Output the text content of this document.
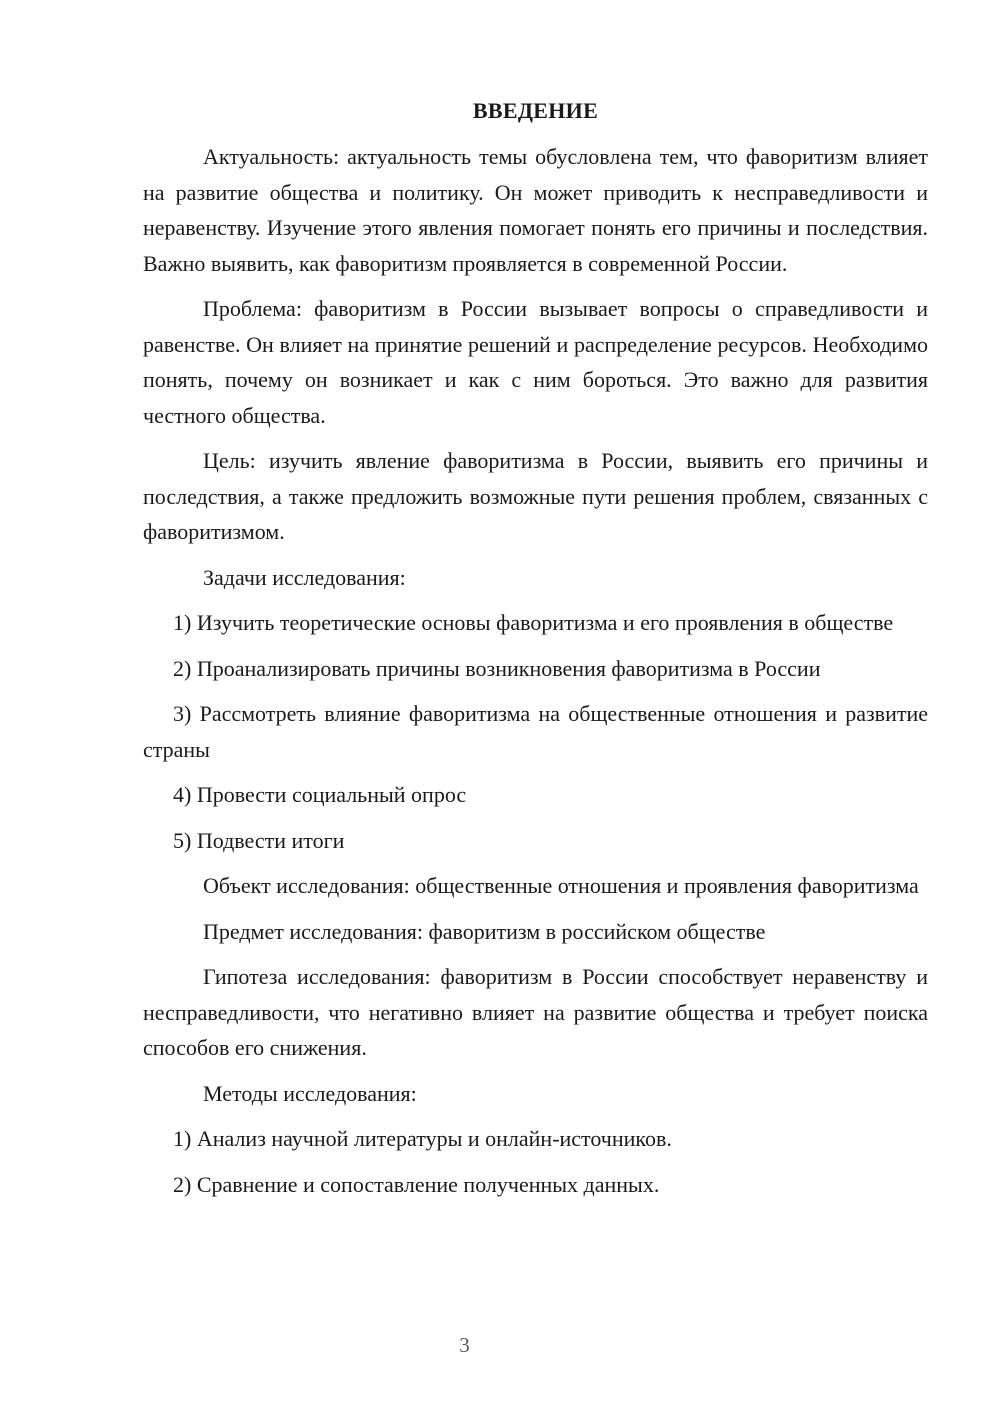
ВВЕДЕНИЕ

Актуальность: актуальность темы обусловлена тем, что фаворитизм влияет на развитие общества и политику. Он может приводить к несправедливости и неравенству. Изучение этого явления помогает понять его причины и последствия. Важно выявить, как фаворитизм проявляется в современной России.

Проблема: фаворитизм в России вызывает вопросы о справедливости и равенстве. Он влияет на принятие решений и распределение ресурсов. Необходимо понять, почему он возникает и как с ним бороться. Это важно для развития честного общества.

Цель: изучить явление фаворитизма в России, выявить его причины и последствия, а также предложить возможные пути решения проблем, связанных с фаворитизмом.

Задачи исследования:

1) Изучить теоретические основы фаворитизма и его проявления в обществе

2) Проанализировать причины возникновения фаворитизма в России

3) Рассмотреть влияние фаворитизма на общественные отношения и развитие страны

4) Провести социальный опрос

5) Подвести итоги

Объект исследования: общественные отношения и проявления фаворитизма

Предмет исследования: фаворитизм в российском обществе

Гипотеза исследования: фаворитизм в России способствует неравенству и несправедливости, что негативно влияет на развитие общества и требует поиска способов его снижения.

Методы исследования:

1) Анализ научной литературы и онлайн-источников.

2) Сравнение и сопоставление полученных данных.

3
